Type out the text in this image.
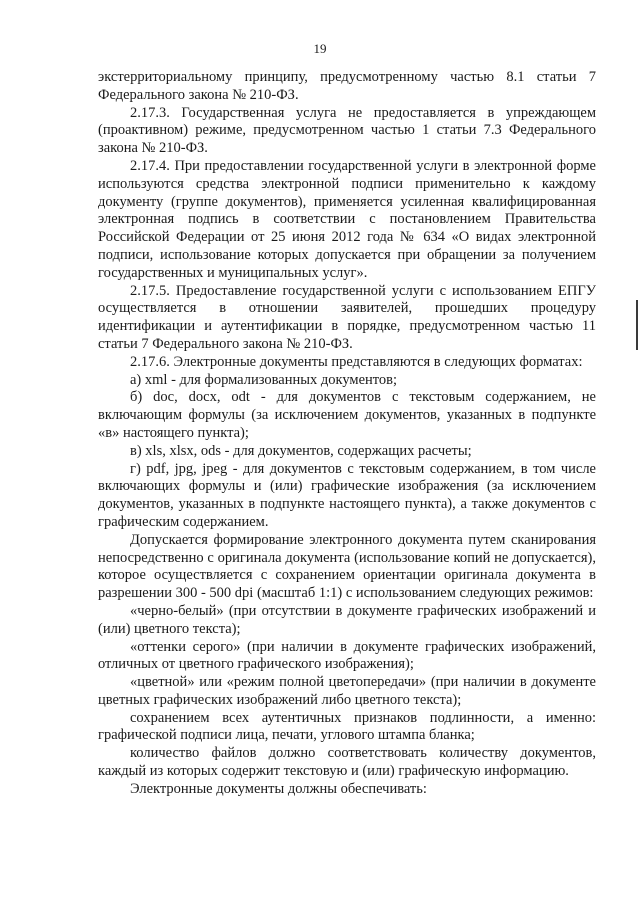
19

экстерриториальному принципу, предусмотренному частью 8.1 статьи 7 Федерального закона № 210-ФЗ.

2.17.3. Государственная услуга не предоставляется в упреждающем (проактивном) режиме, предусмотренном частью 1 статьи 7.3 Федерального закона № 210-ФЗ.

2.17.4. При предоставлении государственной услуги в электронной форме используются средства электронной подписи применительно к каждому документу (группе документов), применяется усиленная квалифицированная электронная подпись в соответствии с постановлением Правительства Российской Федерации от 25 июня 2012 года № 634 «О видах электронной подписи, использование которых допускается при обращении за получением государственных и муниципальных услуг».

2.17.5. Предоставление государственной услуги с использованием ЕПГУ осуществляется в отношении заявителей, прошедших процедуру идентификации и аутентификации в порядке, предусмотренном частью 11 статьи 7 Федерального закона № 210-ФЗ.

2.17.6. Электронные документы представляются в следующих форматах:

а) xml - для формализованных документов;

б) doc, docx, odt - для документов с текстовым содержанием, не включающим формулы (за исключением документов, указанных в подпункте «в» настоящего пункта);

в) xls, xlsx, ods - для документов, содержащих расчеты;

г) pdf, jpg, jpeg - для документов с текстовым содержанием, в том числе включающих формулы и (или) графические изображения (за исключением документов, указанных в подпункте настоящего пункта), а также документов с графическим содержанием.

Допускается формирование электронного документа путем сканирования непосредственно с оригинала документа (использование копий не допускается), которое осуществляется с сохранением ориентации оригинала документа в разрешении 300 - 500 dpi (масштаб 1:1) с использованием следующих режимов:

«черно-белый» (при отсутствии в документе графических изображений и (или) цветного текста);

«оттенки серого» (при наличии в документе графических изображений, отличных от цветного графического изображения);

«цветной» или «режим полной цветопередачи» (при наличии в документе цветных графических изображений либо цветного текста);

сохранением всех аутентичных признаков подлинности, а именно: графической подписи лица, печати, углового штампа бланка;

количество файлов должно соответствовать количеству документов, каждый из которых содержит текстовую и (или) графическую информацию.

Электронные документы должны обеспечивать:
